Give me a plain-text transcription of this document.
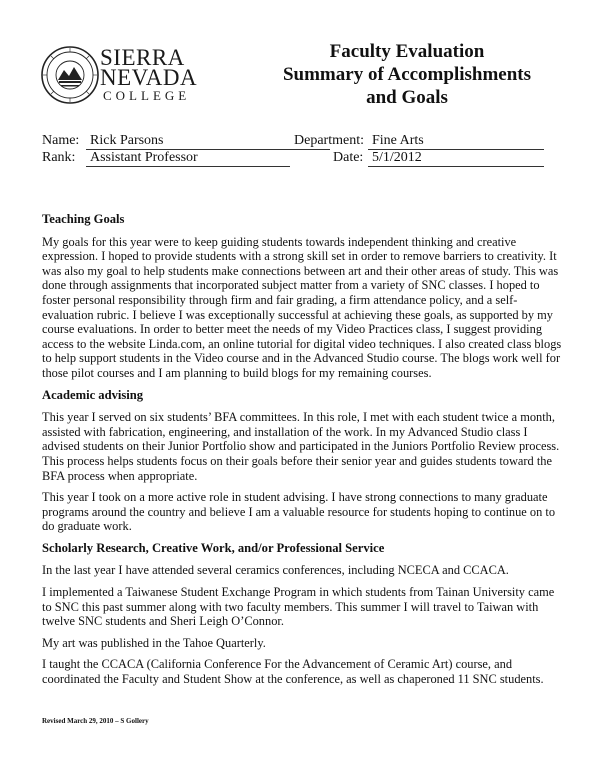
SIERRA
NEVADA
COLLEGE
Faculty Evaluation
Summary of Accomplishments
and Goals
Name: Rick Parsons	Department: Fine Arts
Rank: Assistant Professor	Date: 5/1/2012
Teaching Goals

My goals for this year were to keep guiding students towards independent thinking and creative expression. I hoped to provide students with a strong skill set in order to remove barriers to creativity. It was also my goal to help students make connections between art and their other areas of study. This was done through assignments that incorporated subject matter from a variety of SNC classes. I hoped to foster personal responsibility through firm and fair grading, a firm attendance policy, and a self-evaluation rubric. I believe I was exceptionally successful at achieving these goals, as supported by my course evaluations. In order to better meet the needs of my Video Practices class, I suggest providing access to the website Linda.com, an online tutorial for digital video techniques. I also created class blogs to help support students in the Video course and in the Advanced Studio course. The blogs work well for those pilot courses and I am planning to build blogs for my remaining courses.

Academic advising

This year I served on six students’ BFA committees. In this role, I met with each student twice a month, assisted with fabrication, engineering, and installation of the work. In my Advanced Studio class I advised students on their Junior Portfolio show and participated in the Juniors Portfolio Review process. This process helps students focus on their goals before their senior year and guides students toward the BFA process when appropriate.

This year I took on a more active role in student advising. I have strong connections to many graduate programs around the country and believe I am a valuable resource for students hoping to continue on to do graduate work.

Scholarly Research, Creative Work, and/or Professional Service

In the last year I have attended several ceramics conferences, including NCECA and CCACA.

I implemented a Taiwanese Student Exchange Program in which students from Tainan University came to SNC this past summer along with two faculty members. This summer I will travel to Taiwan with twelve SNC students and Sheri Leigh O’Connor.

My art was published in the Tahoe Quarterly.

I taught the CCACA (California Conference For the Advancement of Ceramic Art) course, and coordinated the Faculty and Student Show at the conference, as well as chaperoned 11 SNC students.

Revised March 29, 2010 – S Gollery
